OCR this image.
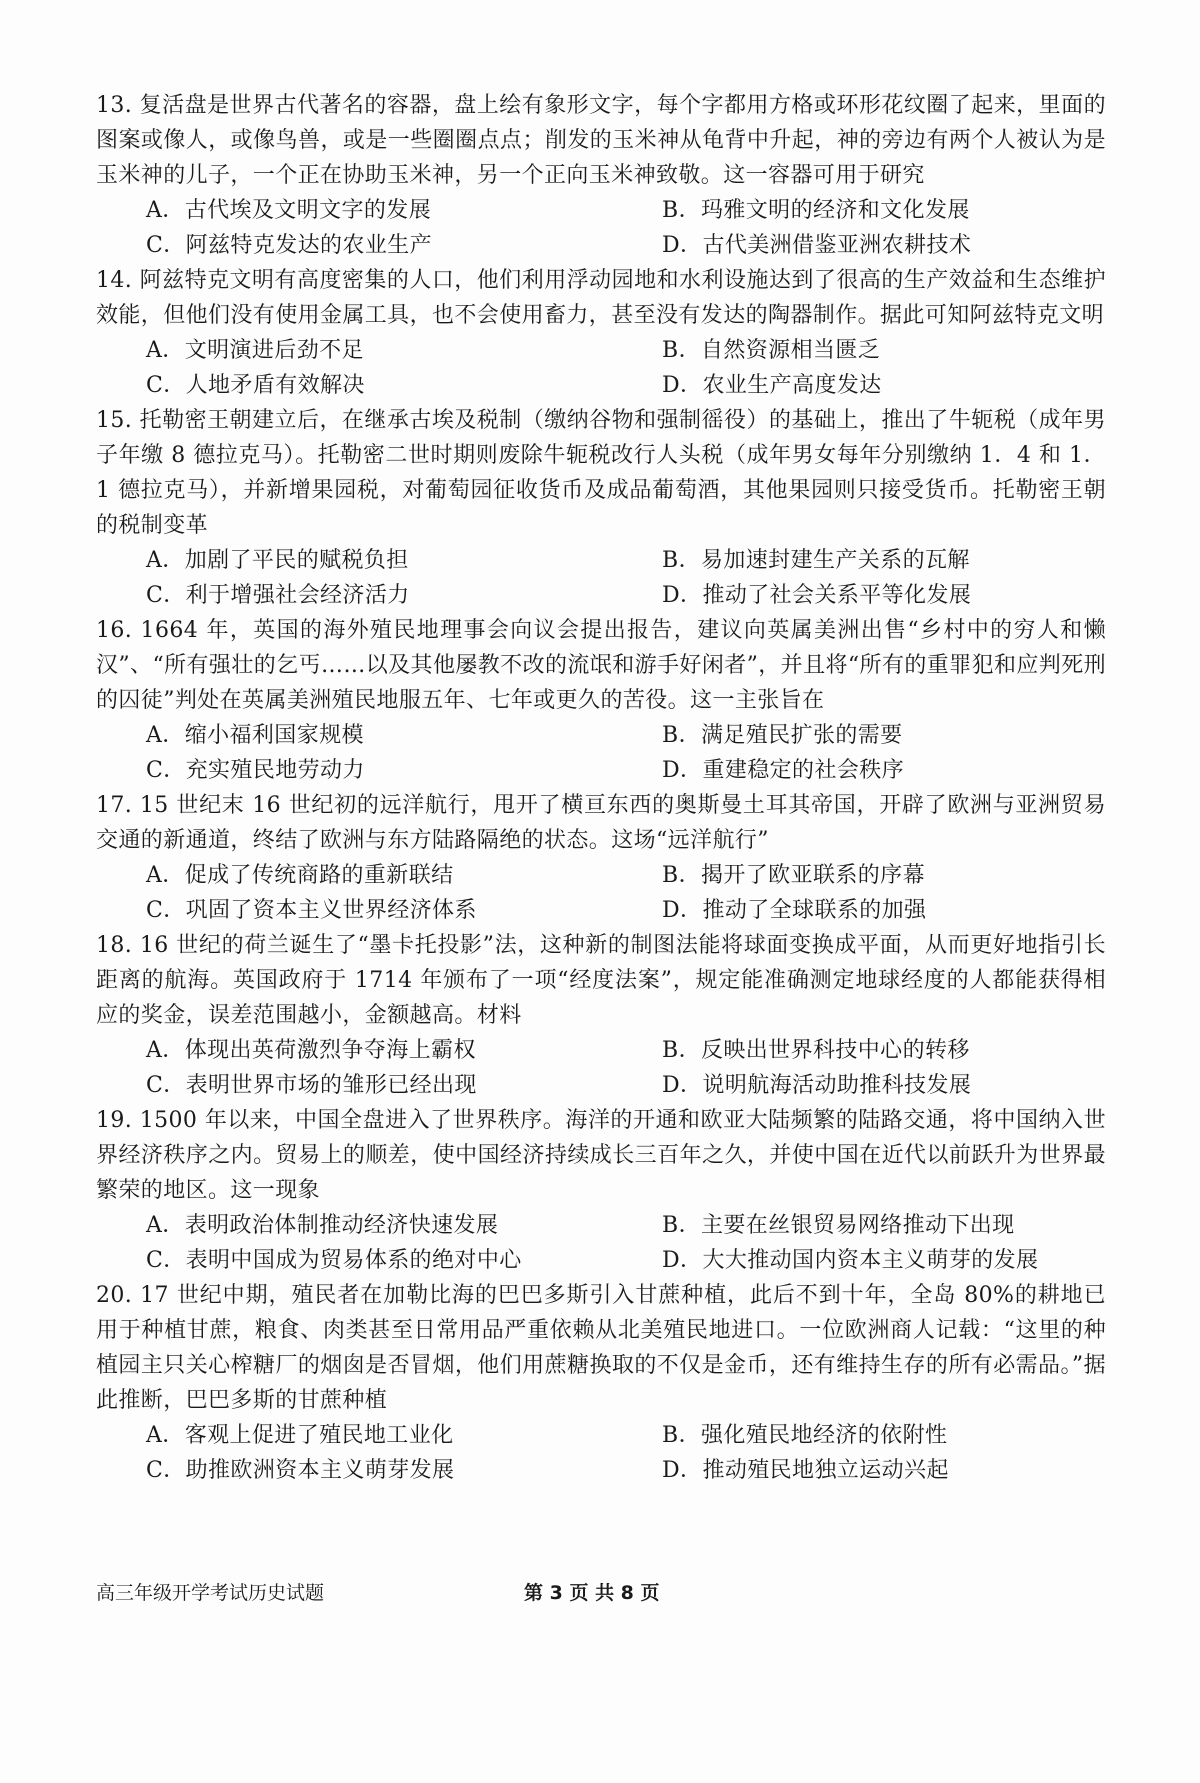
13. 复活盘是世界古代著名的容器，盘上绘有象形文字，每个字都用方格或环形花纹圈了起来，里面的图案或像人，或像鸟兽，或是一些圈圈点点；削发的玉米神从龟背中升起，神的旁边有两个人被认为是玉米神的儿子，一个正在协助玉米神，另一个正向玉米神致敬。这一容器可用于研究

A．古代埃及文明文字的发展	B．玛雅文明的经济和文化发展
C．阿兹特克发达的农业生产	D．古代美洲借鉴亚洲农耕技术

14. 阿兹特克文明有高度密集的人口，他们利用浮动园地和水利设施达到了很高的生产效益和生态维护效能，但他们没有使用金属工具，也不会使用畜力，甚至没有发达的陶器制作。据此可知阿兹特克文明

A．文明演进后劲不足	B．自然资源相当匮乏
C．人地矛盾有效解决	D．农业生产高度发达

15. 托勒密王朝建立后，在继承古埃及税制（缴纳谷物和强制徭役）的基础上，推出了牛轭税（成年男子年缴 8 德拉克马）。托勒密二世时期则废除牛轭税改行人头税（成年男女每年分别缴纳 1．4 和 1．1 德拉克马），并新增果园税，对葡萄园征收货币及成品葡萄酒，其他果园则只接受货币。托勒密王朝的税制变革

A．加剧了平民的赋税负担	B．易加速封建生产关系的瓦解
C．利于增强社会经济活力	D．推动了社会关系平等化发展

16. 1664 年，英国的海外殖民地理事会向议会提出报告，建议向英属美洲出售“乡村中的穷人和懒汉”、“所有强壮的乞丐……以及其他屡教不改的流氓和游手好闲者”，并且将“所有的重罪犯和应判死刑的囚徒”判处在英属美洲殖民地服五年、七年或更久的苦役。这一主张旨在

A．缩小福利国家规模	B．满足殖民扩张的需要
C．充实殖民地劳动力	D．重建稳定的社会秩序

17. 15 世纪末 16 世纪初的远洋航行，甩开了横亘东西的奥斯曼土耳其帝国，开辟了欧洲与亚洲贸易交通的新通道，终结了欧洲与东方陆路隔绝的状态。这场“远洋航行”

A．促成了传统商路的重新联结	B．揭开了欧亚联系的序幕
C．巩固了资本主义世界经济体系	D．推动了全球联系的加强

18. 16 世纪的荷兰诞生了“墨卡托投影”法，这种新的制图法能将球面变换成平面，从而更好地指引长距离的航海。英国政府于 1714 年颁布了一项“经度法案”，规定能准确测定地球经度的人都能获得相应的奖金，误差范围越小，金额越高。材料

A．体现出英荷激烈争夺海上霸权	B．反映出世界科技中心的转移
C．表明世界市场的雏形已经出现	D．说明航海活动助推科技发展

19. 1500 年以来，中国全盘进入了世界秩序。海洋的开通和欧亚大陆频繁的陆路交通，将中国纳入世界经济秩序之内。贸易上的顺差，使中国经济持续成长三百年之久，并使中国在近代以前跃升为世界最繁荣的地区。这一现象

A．表明政治体制推动经济快速发展	B．主要在丝银贸易网络推动下出现
C．表明中国成为贸易体系的绝对中心	D．大大推动国内资本主义萌芽的发展

20. 17 世纪中期，殖民者在加勒比海的巴巴多斯引入甘蔗种植，此后不到十年，全岛 80%的耕地已用于种植甘蔗，粮食、肉类甚至日常用品严重依赖从北美殖民地进口。一位欧洲商人记载：“这里的种植园主只关心榨糖厂的烟囱是否冒烟，他们用蔗糖换取的不仅是金币，还有维持生存的所有必需品。”据此推断，巴巴多斯的甘蔗种植

A．客观上促进了殖民地工业化	B．强化殖民地经济的依附性
C．助推欧洲资本主义萌芽发展	D．推动殖民地独立运动兴起
高三年级开学考试历史试题	第 3 页 共 8 页
